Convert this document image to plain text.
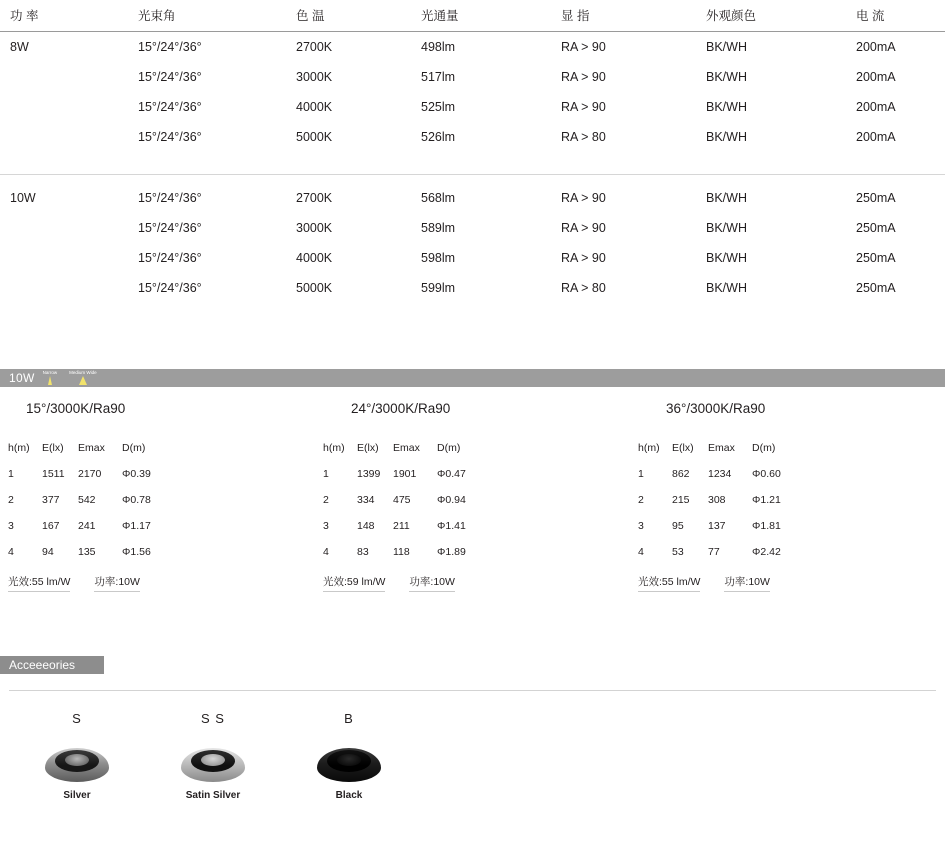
功 率	光束角	色 温	光通量	显 指	外观颜色	电 流
8W	15°/24°/36°	2700K	498lm	RA > 90	BK/WH	200mA
	15°/24°/36°	3000K	517lm	RA > 90	BK/WH	200mA
	15°/24°/36°	4000K	525lm	RA > 90	BK/WH	200mA
	15°/24°/36°	5000K	526lm	RA > 80	BK/WH	200mA

10W	15°/24°/36°	2700K	568lm	RA > 90	BK/WH	250mA
	15°/24°/36°	3000K	589lm	RA > 90	BK/WH	250mA
	15°/24°/36°	4000K	598lm	RA > 90	BK/WH	250mA
	15°/24°/36°	5000K	599lm	RA > 80	BK/WH	250mA
10W Narrow	Medium Wide
15°/3000K/Ra90
h(m)	E(lx)	Emax	D(m)
1	1511	2170	Φ0.39
2	377	542	Φ0.78
3	167	241	Φ1.17
4	94	135	Φ1.56
光效:55 lm/W 功率:10W
24°/3000K/Ra90
h(m)	E(lx)	Emax	D(m)
1	1399	1901	Φ0.47
2	334	475	Φ0.94
3	148	211	Φ1.41
4	83	118	Φ1.89
光效:59 lm/W 功率:10W
36°/3000K/Ra90
h(m)	E(lx)	Emax	D(m)
1	862	1234	Φ0.60
2	215	308	Φ1.21
3	95	137	Φ1.81
4	53	77	Φ2.42
光效:55 lm/W 功率:10W
Acceeeories
S
Silver
S S
Satin Silver
B
Black
